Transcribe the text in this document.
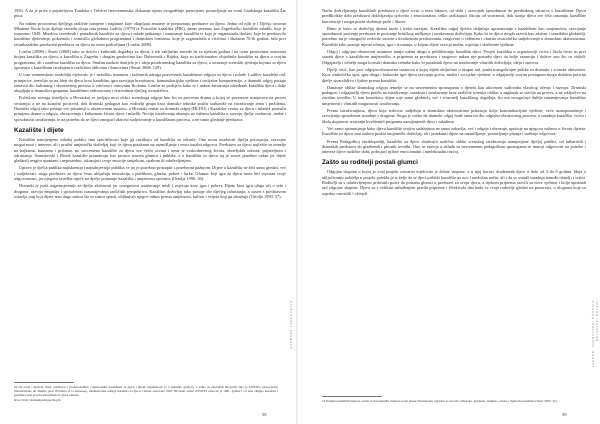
1930. A da je priča o prijateljstvu Tondeka s Težilcei bezvremenska, dokazuje njeno ovogodišnje premijerno postavljanje na sceni Gradskoga kazališta Žar ptica.

Na našem prostorima dječjega različite namjene i naglasne koje okupljaju amatere te prepoznaju predstave za djecu. Jedna od njih je i Dječja caravan Mladena Širole koja djeluje između dvaju rata prema Ladiliu (1979) te Pozorište kazališta (PIK), danas poznato kao Zagrebačko kazalište mladih, koje je osnovano 1948. Mnoštvo izvedenih i ponuđenih kazališta za djecu i mlade prikazuje i zanimanje kazališta te koja je organizirala društvo koje bi predstavilo kazališno djelovanje, pokrenulo i osmislilo globalnim programima i dramskim formama, koje je organizirala u vrtićima i školama 70-ih godina, bila prvi izvankazališni producent predstava za djecu na ovim područjima (Lončar 2008).

Lončar (2008) i Šimić (2008) tako se dotiču i kulturnih događaja za djecu, a tek zaključno navode da su tijekom godina i na ovim prostorima osnovana brojna kazališta za djecu, a kazališta u Zagrebu i drugim gradovima kao Dubrovnik i Rijeka, koja su tradicionalno objedinila kazališta za djecu u svojim programima, ali i zasebna kazališta za djecu. Snažan zaokret donijela je i ideja postdramskog kazališta za djecu, a stvaranje scenskih rješenja kojima se djeca upoznaju s kazališnim izražajem u različitim oblicima i žanrovima (Šimić 2008: 129).

U tom vremenskom razdoblju djelovalo je i nekoliko ustanova i kulturnih udruga posvećenih kazališnom odgoju za djecu i mlade. Ladilov kazališni rad, primjerice, temeljio se na ideji da djeca kroz kazališnu igru razvijaju kreativnost, komunikacijske vještine i socijalne kompetencije, a dramski odgoj postaje sastavni dio kulturnog i obrazovnog procesa u vrtićima i osnovnim školama. Lončar se podsjeća kako se i nakon zatvaranja određenih kazališta djeca i dalje okupljaju u dramskim grupama, kazališnim radionicama i festivalima dječjeg stvaralaštva.

Početkom novoga tisućljeća u Hrvatskoj se javljaju novi oblici scenskoga odgoja kao što su procesna drama u kojoj se pozornost usmjerava na proces stvaranja, a ne na konačni proizvod, dok dramski pedagozi kao voditelji grupa kroz dramske tehnike potiču sudionike na istraživanje tema i problema. Dramski odgoj tako postaje sve prisutniji u obrazovnom sustavu, a Hrvatski centar za dramski odgoj (HCDO) i Kazališni centar za djecu i mladež promiču primjenu drame u odgoju, obrazovanju i kulturnom životu djece i mladih. Novija istraživanja ukazuju na važnost kazališta u razvoju dječje osobnosti, mašte i sposobnosti izražavanja, te na potrebu da se djeci omogući aktivno sudjelovanje u kazališnom procesu, a ne samo gledanje predstava.

Kazalište i dijete

Kazalište namijenjeno mladoj publici ima specifičnosti koje ga razlikuju od kazališta za odrasle. Ono mora uvažavati dječju percepciju, razvojne mogućnosti i interese, ali i pružiti umjetnički doživljaj koji će djecu potaknuti na razmišljanje i emocionalni odgovor. Predstave za djecu najčešće se temelje na bajkama, basnama i pričama, no suvremeno kazalište za djecu sve češće otvara i teme iz svakodnevnog života, obiteljskih odnosa, prijateljstva i odrastanja. Stanislavski i Brook kazalište promatraju kao prostor susreta glumca i publike, a u kazalištu za djecu taj je susret posebno važan jer dijete gledatelj reagira spontano i neposredno, iskazujući svoje emocije smijehom, strahom ili oduševljenjem.

Upravo je dječja publika najiskrenija i najzahtjevnija publika, te joj je potrebno pristupiti s posebnom pažnjom. Dijete u kazalištu ne želi samo gledati, već i sudjelovati, stoga predstave za djecu često uključuju interakciju s publikom, glazbu, pokret i lutke. Glumac koji igra za djecu mora biti svjestan svoje odgovornosti, jer njegova izvedba utječe na dječje poimanje kazališta i umjetnosti općenito (Ortolja 1990: 36).

Dramski je jezik najprimjereniji za dječje aktivnosti jer omogućava izražavanje misli i osjećaja kroz igru i pokret. Dijete kroz igru uloga uči o sebi i drugima, razvija empatiju i sposobnost razumijevanja različitih perspektiva. Kazališni doživljaj tako postaje dio dječjeg odrastanja, a susret s predstavom ostavlja trag koji dijete nosi dugo nakon što se zastor spusti, oblikujući njegov odnos prema umjetnosti, kulturi i svijetu koji ga okružuje (Ortolja 1990; 37).

20 Na sceni i tijekom 1944. predstave s profesionalnim i amaterskim kazalištem za djecu i mlade organizirano je u nekoliko gradova, a jedna od značajnih inicijativa bila je ASSITEJ (Association Internationale du Théâtre pour l'Enfance et la Jeunesse), međunarodna udruga kazališta za djecu i mlade osnovana 1965. Hrvatski centar ASSITEJ osnovan je 1981. godine i od tada okuplja kazališta i pojedince koji se bave kazalištem za djecu i mlade.

Izvor: http://dramskipedagog.blog.hr

58
DRAMSKA PEDAGOGIJA

Način doživljavanja kazališnih predstava u djece ovisi o nizu faktora, od dobi i razvojnih sposobnosti do prethodnog iskustva s kazalištem. Djeca predškolske dobi predstavu doživljavaju cjelovito i emocionalno, teško razlikujući fikciju od stvarnosti, dok starija djeca sve više razumiju kazališne konvencije i mogu pratiti složenije priče i likove.

Bitno je kako se doživljaj djeteta može i treba razvijati. Kazališni odgoj djeteta uključuje upoznavanje s kazalištem kao umjetnošću, razvijanje sposobnosti praćenja predstave te poticanje kritičkog mišljenja i izražavanja doživljaja. Kako bi se djeca mogla razviti kao aktivni i senzibilni gledatelji, potrebno im je omogućiti redovite susrete s kvalitetnim predstavama, razgovore o viđenom i vlastito stvaralačko sudjelovanje u dramskim aktivnostima. Kazalište tako postaje mjesto učenja, igre i stvaranja, u kojem dijete razvija maštu, osjećaje i društvene vještine.

Odgoj i odgojno-obrazovne ustanove imaju važnu ulogu u približavanju kazališta djeci. Posjeti kazalištu u organizaciji vrtića i škola često su prvi susreti djece s kazališnom umjetnošću, a priprema za predstavu i razgovor nakon nje pomažu djeci da bolje razumiju i dožive ono što su vidjeli. Odgajatelji i učitelji mogu koristiti dramske tehnike kako bi potaknuli djecu na izražavanje vlastitih doživljaja, ideja i stavova.

Dječji vrtić, kao prvi odgojno-obrazovna ustanova u kojoj dijete uključeno u skupni rad, pruža mnogobrojne prilike za dramske i scenske aktivnosti. Kroz simboličku igru, igru uloga i lutkarske igre djeca razvijaju govor, maštu i socijalne vještine, a odgajatelji svojim pristupom mogu dodatno poticati dječje stvaralaštvo i ljubav prema kazalištu.

Danasnje oblike dramskog odgoja temelje se na suvremenim spoznajama o djetetu kao aktivnom sudioniku vlastitog učenja i razvoja. Dramski pedagozi i odgajatelji djecu potiču na istraživanje, suradnju i izražavanje kroz različite scenske oblike, a naglasak se stavlja na proces, a ne isključivo na završnu izvedbu. U tom kontekstu, dijete nije samo gledatelj, već i stvaratelj kazališnog događaja, što mu omogućuje dublje razumijevanje kazališne umjetnosti i vlastitih mogućnosti izražavanja.

Prema istraživanjima, djeca koja redovito sudjeluju u dramskim aktivnostima pokazuju bolje komunikacijske vještine, veće samopouzdanje i razvijeniju sposobnost suradnje s drugima. Stoga je važno da dramski odgoj bude sastavni dio odgojno-obrazovnog procesa, a suradnja kazališta, vrtića i škola doprinosi stvaranju kvalitetnih programa namijenjenih djeci i mladima.

Već samo spominjanje kako djecu kazalište svojim sadržajima ne samo zabavlja, već i odgaja i obrazuje, upućuje na njegovu važnost u životu djeteta. Kazalište za djecu ima zadaću pružiti umjetnički doživljaj, ali i potaknuti dijete na razmišljanje, postavljanje pitanja i traženje odgovora.

Prema Pedagoškoj enciklopediji, kazalište za djecu obuhvaća različite oblike scenskog izražavanja namijenjene dječjoj publici, od lutkarskih i dramskih predstava do glazbenih i plesnih izvedbi. Ono se razvija u skladu sa suvremenim pedagoškim spoznajama te nastoji odgovoriti na potrebe i interese djece različite dobi, poštujući njihov emocionalni i intelektualni razvoj.

Zašto su roditelji postali glumci

Odgojna skupina u kojoj je ovaj projekt ostvaren mješovita je dobne skupine, a u njoj boravi dvadesetak djece u dobi od 3 do 6 godina. Ideja o uključivanju roditelja u projekt potekla je iz želje da se djeci približi kazalište na nov i neobičan način, ali i da se osnaži suradnja između obitelji i vrtića. Roditelji su s oduševljenjem prihvatili poziv da postanu glumci u predstavi za svoju djecu, a tijekom priprema razvili su nove vještine i bolje upoznali rad odgojne skupine. Djeca su s velikim uzbuđenjem pratila pripreme i iščekivala dan kada će svoje roditelje gledati na pozornici, u ulogama koje su zajedno osmislili i oživjeli.

22 Podjelu kazališnih žanrova prema vrsti izražajnih sredstava koju iznosi Stanislavski, najčešće se navode: lutkarsko, glazbeno, dramsko, plesno i mješovito kazalište (Nalet 2005: 31).

59
ZAGREB, ZNANSTVENI ČASOPIS METODIČKI OGLEDI
